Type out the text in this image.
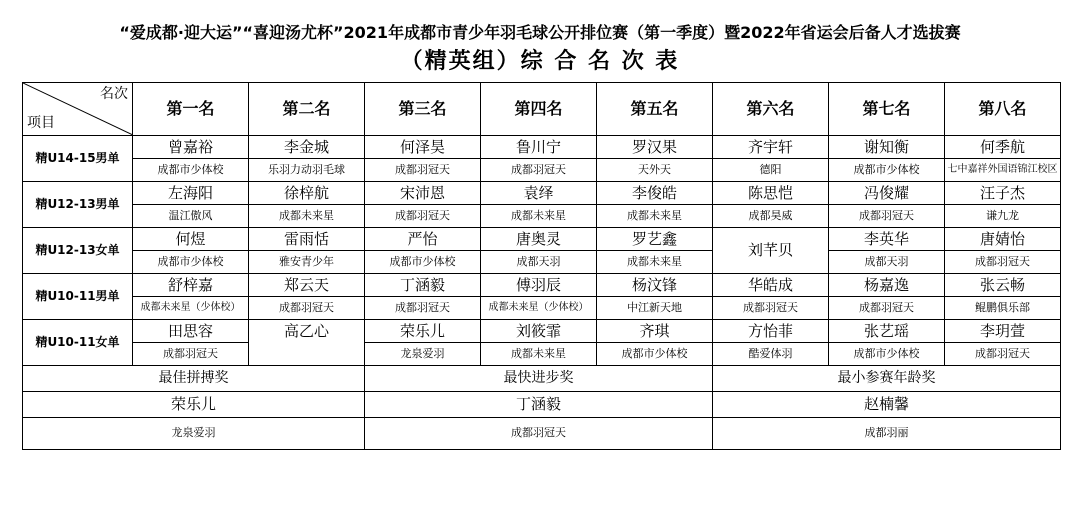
“爱成都·迎大运”“喜迎汤尤杯”2021年成都市青少年羽毛球公开排位赛（第一季度）暨2022年省运会后备人才选拔赛
（精英组）综 合 名 次 表
名次
项目	第一名	第二名	第三名	第四名	第五名	第六名	第七名	第八名
精U14-15男单	曾嘉裕	李金城	何泽昊	鲁川宁	罗汉果	齐宇轩	谢知衡	何季航
	成都市少体校	乐羽力动羽毛球	成都羽冠天	成都羽冠天	天外天	德阳	成都市少体校	七中嘉祥外国语锦江校区
精U12-13男单	左海阳	徐梓航	宋沛恩	袁绎	李俊皓	陈思恺	冯俊耀	汪子杰
	温江傲风	成都未来星	成都羽冠天	成都未来星	成都未来星	成都昊威	成都羽冠天	谦九龙
精U12-13女单	何煜	雷雨恬	严怡	唐奥灵	罗艺鑫	刘芊贝	李英华	唐婧怡
	成都市少体校	雅安青少年	成都市少体校	成都天羽	成都未来星		成都天羽	成都羽冠天
精U10-11男单	舒梓嘉	郑云天	丁涵毅	傅羽辰	杨汶锋	华皓成	杨嘉逸	张云畅
	成都未来星（少体校）	成都羽冠天	成都羽冠天	成都未来星（少体校）	中江新天地	成都羽冠天	成都羽冠天	鲲鹏俱乐部
精U10-11女单	田思容	高乙心	荣乐儿	刘筱霏	齐琪	方怡菲	张艺瑶	李玥萱
	成都羽冠天		龙泉爱羽	成都未来星	成都市少体校	酷爱体羽	成都市少体校	成都羽冠天
最佳拼搏奖			最快进步奖			最小参赛年龄奖		
荣乐儿			丁涵毅			赵楠馨		
龙泉爱羽			成都羽冠天			成都羽丽		
